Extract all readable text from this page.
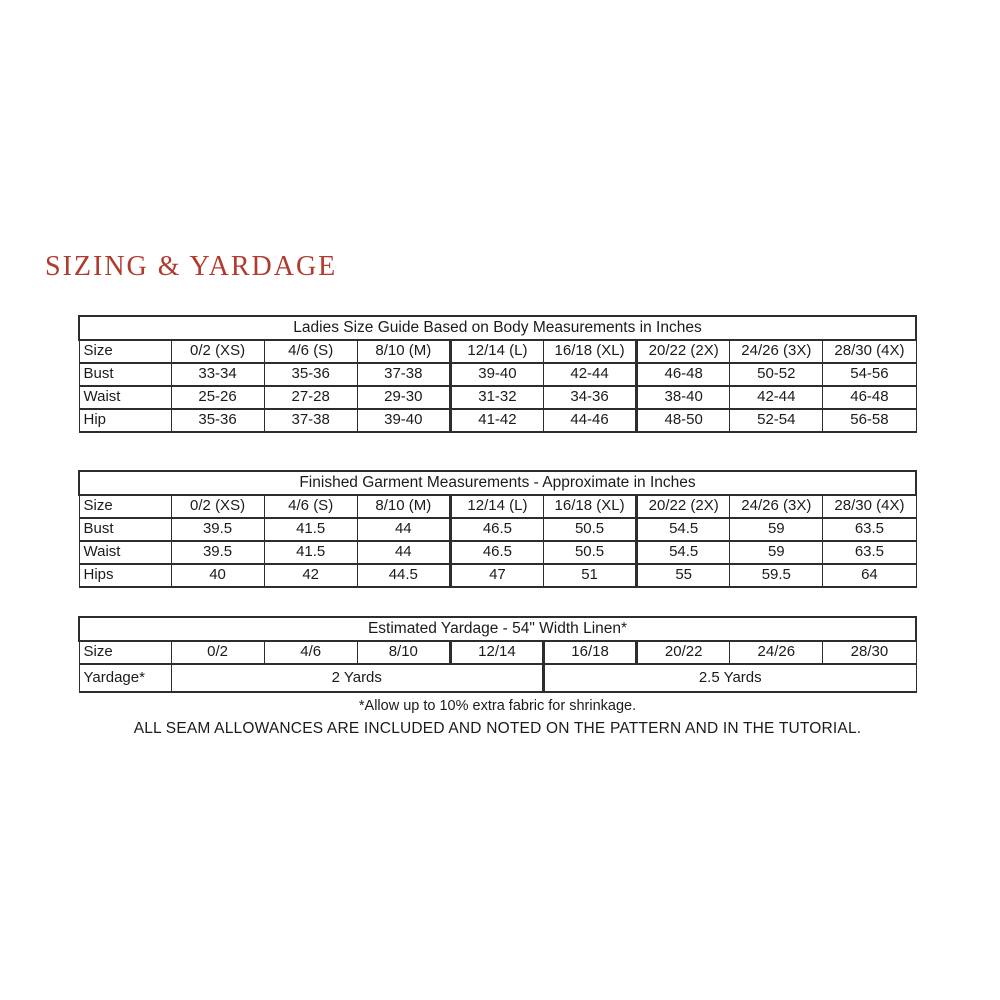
SIZING & YARDAGE
Ladies Size Guide Based on Body Measurements in Inches								
Size	0/2 (XS)	4/6 (S)	8/10 (M)	12/14 (L)	16/18 (XL)	20/22 (2X)	24/26 (3X)	28/30 (4X)
Bust	33-34	35-36	37-38	39-40	42-44	46-48	50-52	54-56
Waist	25-26	27-28	29-30	31-32	34-36	38-40	42-44	46-48
Hip	35-36	37-38	39-40	41-42	44-46	48-50	52-54	56-58
Finished Garment Measurements - Approximate in Inches								
Size	0/2 (XS)	4/6 (S)	8/10 (M)	12/14 (L)	16/18 (XL)	20/22 (2X)	24/26 (3X)	28/30 (4X)
Bust	39.5	41.5	44	46.5	50.5	54.5	59	63.5
Waist	39.5	41.5	44	46.5	50.5	54.5	59	63.5
Hips	40	42	44.5	47	51	55	59.5	64
Estimated Yardage - 54" Width Linen*								
Size	0/2	4/6	8/10	12/14	16/18	20/22	24/26	28/30
Yardage*	2 Yards				2.5 Yards			
*Allow up to 10% extra fabric for shrinkage.
ALL SEAM ALLOWANCES ARE INCLUDED AND NOTED ON THE PATTERN AND IN THE TUTORIAL.
